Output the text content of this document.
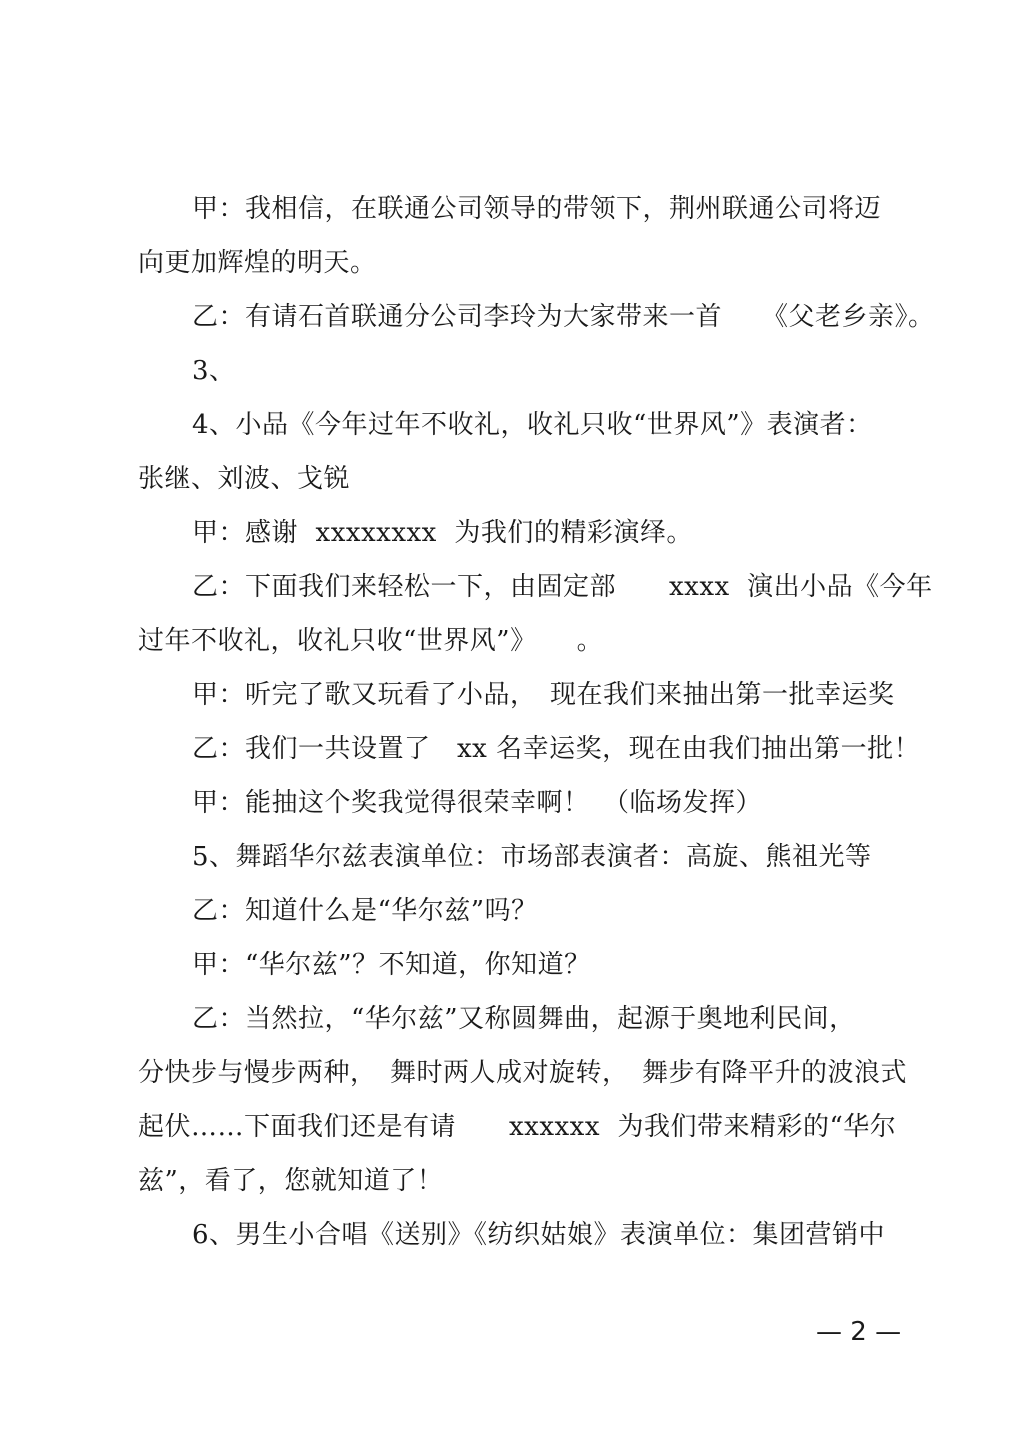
甲：我相信，在联通公司领导的带领下，荆州联通公司将迈
向更加辉煌的明天。
乙：有请石首联通分公司李玲为大家带来一首　　《父老乡亲》。
3、
4、小品《今年过年不收礼，收礼只收“世界风”》表演者：
张继、刘波、戈锐
甲：感谢  xxxxxxxx  为我们的精彩演绎。
乙：下面我们来轻松一下，由固定部　　xxxx  演出小品《今年
过年不收礼，收礼只收“世界风”》　　。
甲：听完了歌又玩看了小品，　现在我们来抽出第一批幸运奖
乙：我们一共设置了　xx 名幸运奖，现在由我们抽出第一批！
甲：能抽这个奖我觉得很荣幸啊！　（临场发挥）
5、舞蹈华尔兹表演单位：市场部表演者：高旋、熊祖光等
乙：知道什么是“华尔兹”吗？
甲：“华尔兹”？不知道，你知道？
乙：当然拉，“华尔兹”又称圆舞曲，起源于奥地利民间，
分快步与慢步两种，　舞时两人成对旋转，　舞步有降平升的波浪式
起伏……下面我们还是有请　　xxxxxx  为我们带来精彩的“华尔
兹”，看了，您就知道了！
6、男生小合唱《送别》《纺织姑娘》表演单位：集团营销中
— 2 —
